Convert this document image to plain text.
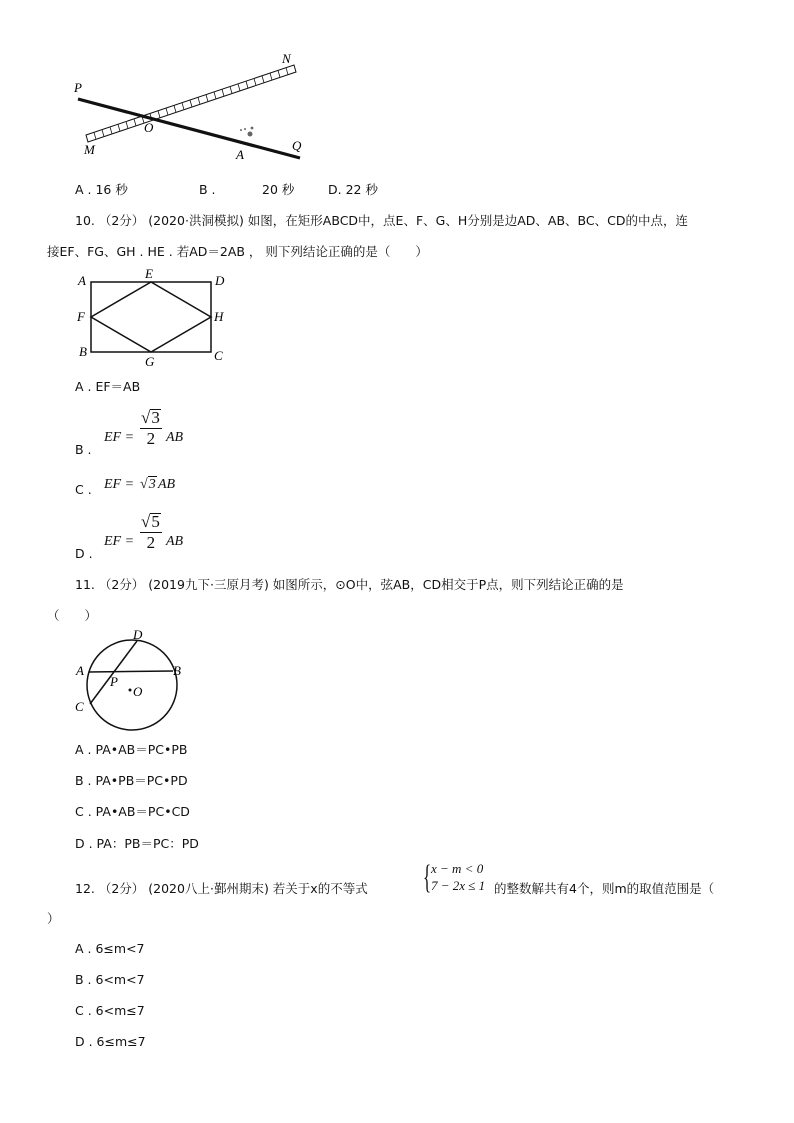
P
N
O
M	A
Q
A . 16 秒	B .	20 秒	D. 22 秒
10. （2分） (2020·洪洞模拟) 如图，在矩形ABCD中，点E、F、G、H分别是边AD、AB、BC、CD的中点，连
接EF、FG、GH . HE . 若AD＝2AB ， 则下列结论正确的是（　　）
A	E	D
F	H
B
G	C
A . EF＝AB
B .
EF = $\frac{√3}{2}$ AB
C . EF = √3 AB
D .
EF = $\frac{√5}{2}$ AB
11. （2分） (2019九下·三原月考) 如图所示，⊙O中，弦AB，CD相交于P点，则下列结论正确的是
（　　）
D
A	B
P
O
C
A . PA•AB＝PC•PB
B . PA•PB＝PC•PD
C . PA•AB＝PC•CD
D . PA：PB＝PC：PD
12. （2分） (2020八上·鄞州期末) 若关于x的不等式 { x − m < 0
7 − 2x ≤ 1 的整数解共有4个，则m的取值范围是（
）
A . 6≤m<7
B . 6<m<7
C . 6<m≤7
D . 6≤m≤7
